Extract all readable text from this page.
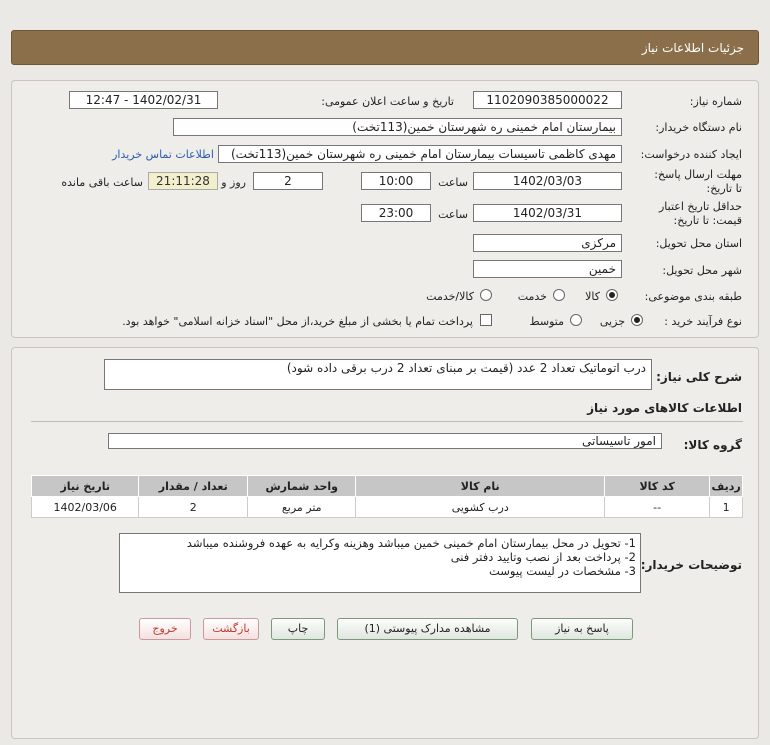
جزئیات اطلاعات نیاز
شماره نیاز:
1102090385000022
تاریخ و ساعت اعلان عمومی:
1402/02/31 - 12:47
نام دستگاه خریدار:
بیمارستان امام خمینی ره شهرستان خمین(113تخت)
ایجاد کننده درخواست:
مهدی کاظمی تاسیسات بیمارستان امام خمینی ره شهرستان خمین(113تخت)
اطلاعات تماس خریدار
مهلت ارسال پاسخ: تا تاریخ:
1402/03/03
ساعت
10:00
2
روز و
21:11:28
ساعت باقی مانده
حداقل تاریخ اعتبار قیمت: تا تاریخ:
1402/03/31
ساعت
23:00
استان محل تحویل:
مرکزی
شهر محل تحویل:
خمین
طبقه بندی موضوعی:
کالا
خدمت
کالا/خدمت
نوع فرآیند خرید :
جزیی
متوسط
پرداخت تمام یا بخشی از مبلغ خرید،از محل "اسناد خزانه اسلامی" خواهد بود.
شرح کلی نیاز:
درب اتوماتیک تعداد 2 عدد (قیمت بر مبنای تعداد 2 درب برقی داده شود)
اطلاعات کالاهای مورد نیاز
گروه کالا:
امور تاسیساتی
ردیف	کد کالا	نام کالا	واحد شمارش	تعداد / مقدار	تاریخ نیاز
1	--	درب کشویی	متر مربع	2	1402/03/06
توضیحات خریدار:
1- تحویل در محل بیمارستان امام خمینی خمین میباشد وهزینه وکرایه به عهده فروشنده میباشد
2- پرداخت بعد از نصب وتایید دفتر فنی
3- مشخصات در لیست پیوست
پاسخ به نیاز
مشاهده مدارک پیوستی (1)
چاپ
بازگشت
خروج
